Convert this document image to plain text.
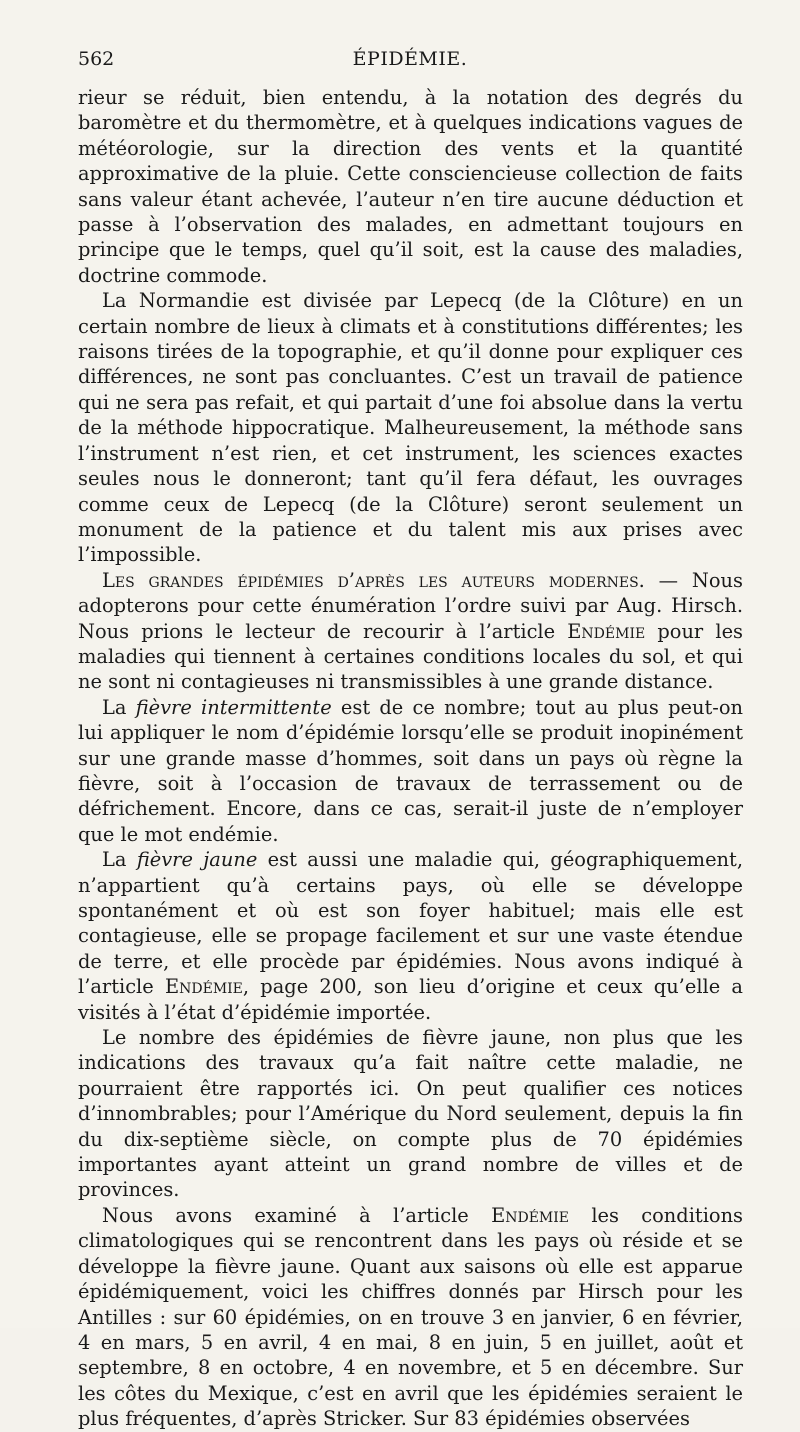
562	ÉPIDÉMIE.

rieur se réduit, bien entendu, à la notation des degrés du baromètre et du thermomètre, et à quelques indications vagues de météorologie, sur la direction des vents et la quantité approximative de la pluie. Cette consciencieuse collection de faits sans valeur étant achevée, l’auteur n’en tire aucune déduction et passe à l’observation des malades, en admettant toujours en principe que le temps, quel qu’il soit, est la cause des maladies, doctrine commode.

La Normandie est divisée par Lepecq (de la Clôture) en un certain nombre de lieux à climats et à constitutions différentes; les raisons tirées de la topographie, et qu’il donne pour expliquer ces différences, ne sont pas concluantes. C’est un travail de patience qui ne sera pas refait, et qui partait d’une foi absolue dans la vertu de la méthode hippocratique. Malheureusement, la méthode sans l’instrument n’est rien, et cet instrument, les sciences exactes seules nous le donneront; tant qu’il fera défaut, les ouvrages comme ceux de Lepecq (de la Clôture) seront seulement un monument de la patience et du talent mis aux prises avec l’impossible.

Les grandes épidémies d’après les auteurs modernes. — Nous adopterons pour cette énumération l’ordre suivi par Aug. Hirsch. Nous prions le lecteur de recourir à l’article Endémie pour les maladies qui tiennent à certaines conditions locales du sol, et qui ne sont ni contagieuses ni transmissibles à une grande distance.

La fièvre intermittente est de ce nombre; tout au plus peut-on lui appliquer le nom d’épidémie lorsqu’elle se produit inopinément sur une grande masse d’hommes, soit dans un pays où règne la fièvre, soit à l’occasion de travaux de terrassement ou de défrichement. Encore, dans ce cas, serait-il juste de n’employer que le mot endémie.

La fièvre jaune est aussi une maladie qui, géographiquement, n’appartient qu’à certains pays, où elle se développe spontanément et où est son foyer habituel; mais elle est contagieuse, elle se propage facilement et sur une vaste étendue de terre, et elle procède par épidémies. Nous avons indiqué à l’article Endémie, page 200, son lieu d’origine et ceux qu’elle a visités à l’état d’épidémie importée.

Le nombre des épidémies de fièvre jaune, non plus que les indications des travaux qu’a fait naître cette maladie, ne pourraient être rapportés ici. On peut qualifier ces notices d’innombrables; pour l’Amérique du Nord seulement, depuis la fin du dix-septième siècle, on compte plus de 70 épidémies importantes ayant atteint un grand nombre de villes et de provinces.

Nous avons examiné à l’article Endémie les conditions climatologiques qui se rencontrent dans les pays où réside et se développe la fièvre jaune. Quant aux saisons où elle est apparue épidémiquement, voici les chiffres donnés par Hirsch pour les Antilles : sur 60 épidémies, on en trouve 3 en janvier, 6 en février, 4 en mars, 5 en avril, 4 en mai, 8 en juin, 5 en juillet, août et septembre, 8 en octobre, 4 en novembre, et 5 en décembre. Sur les côtes du Mexique, c’est en avril que les épidémies seraient le plus fréquentes, d’après Stricker. Sur 83 épidémies observées
